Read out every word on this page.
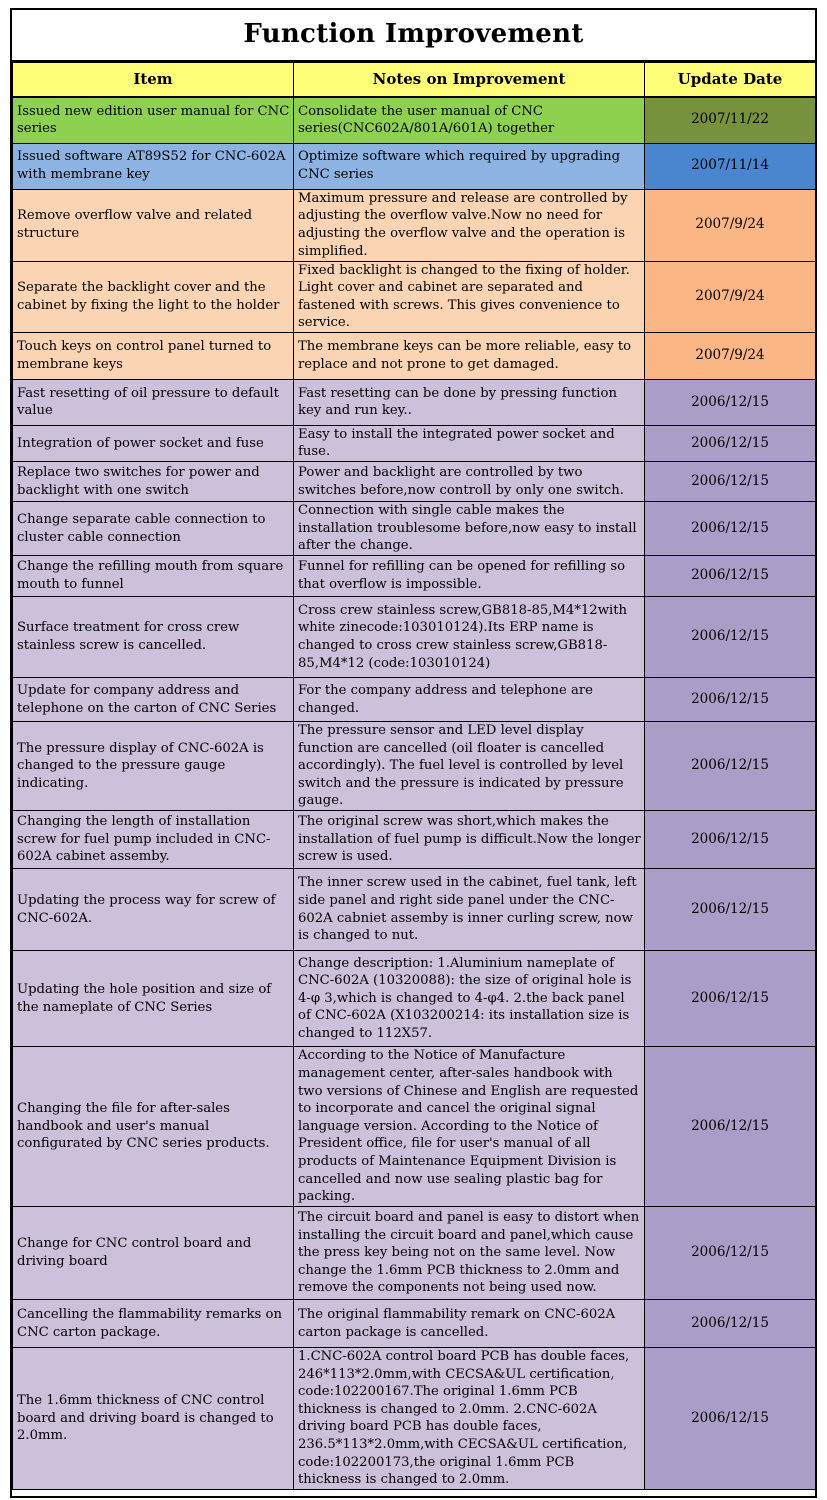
Function Improvement
Item	Notes on Improvement	Update Date
Issued new edition user manual for CNC series	Consolidate the user manual of CNC series(CNC602A/801A/601A) together	2007/11/22
Issued software AT89S52 for CNC-602A with membrane key	Optimize software which required by upgrading CNC series	2007/11/14
Remove overflow valve and related structure	Maximum pressure and release are controlled by adjusting the overflow valve.Now no need for adjusting the overflow valve and the operation is simplified.	2007/9/24
Separate the backlight cover and the cabinet by fixing the light to the holder	Fixed backlight is changed to the fixing of holder. Light cover and cabinet are separated and fastened with screws. This gives convenience to service.	2007/9/24
Touch keys on control panel turned to membrane keys	The membrane keys can be more reliable, easy to replace and not prone to get damaged.	2007/9/24
Fast resetting of oil pressure to default value	Fast resetting can be done by pressing function key and run key..	2006/12/15
Integration of power socket and fuse	Easy to install the integrated power socket and fuse.	2006/12/15
Replace two switches for power and backlight with one switch	Power and backlight are controlled by two switches before,now controll by only one switch.	2006/12/15
Change separate cable connection to cluster cable connection	Connection with single cable makes the installation troublesome before,now easy to install after the change.	2006/12/15
Change the refilling mouth from square mouth to funnel	Funnel for refilling can be opened for refilling so that overflow is impossible.	2006/12/15
Surface treatment for cross crew stainless screw is cancelled.	Cross crew stainless screw,GB818-85,M4*12with white zinecode:103010124).Its ERP name is changed to cross crew stainless screw,GB818-85,M4*12 (code:103010124)	2006/12/15
Update for company address and telephone on the carton of CNC Series	For the company address and telephone are changed.	2006/12/15
The pressure display of CNC-602A is changed to the pressure gauge indicating.	The pressure sensor and LED level display function are cancelled (oil floater is cancelled accordingly). The fuel level is controlled by level switch and the pressure is indicated by pressure gauge.	2006/12/15
Changing the length of installation screw for fuel pump included in CNC-602A cabinet assemby.	The original screw was short,which makes the installation of fuel pump is difficult.Now the longer screw is used.	2006/12/15
Updating the process way for screw of CNC-602A.	The inner screw used in the cabinet, fuel tank, left side panel and right side panel under the CNC-602A cabniet assemby is inner curling screw, now is changed to nut.	2006/12/15
Updating the hole position and size of the nameplate of CNC Series	Change description: 1.Aluminium nameplate of CNC-602A (10320088): the size of original hole is 4-φ 3,which is changed to 4-φ4. 2.the back panel of CNC-602A (X103200214: its installation size is changed to 112X57.	2006/12/15
Changing the file for after-sales handbook and user's manual configurated by CNC series products.	According to the Notice of Manufacture management center, after-sales handbook with two versions of Chinese and English are requested to incorporate and cancel the original signal language version. According to the Notice of President office, file for user's manual of all products of Maintenance Equipment Division is cancelled and now use sealing plastic bag for packing.	2006/12/15
Change for CNC control board and driving board	The circuit board and panel is easy to distort when installing the circuit board and panel,which cause the press key being not on the same level. Now change the 1.6mm PCB thickness to 2.0mm and remove the components not being used now.	2006/12/15
Cancelling the flammability remarks on CNC carton package.	The original flammability remark on CNC-602A carton package is cancelled.	2006/12/15
The 1.6mm thickness of CNC control board and driving board is changed to 2.0mm.	1.CNC-602A control board PCB has double faces, 246*113*2.0mm,with CECSA&UL certification, code:102200167.The original 1.6mm PCB thickness is changed to 2.0mm. 2.CNC-602A driving board PCB has double faces, 236.5*113*2.0mm,with CECSA&UL certification, code:102200173,the original 1.6mm PCB thickness is changed to 2.0mm.	2006/12/15
